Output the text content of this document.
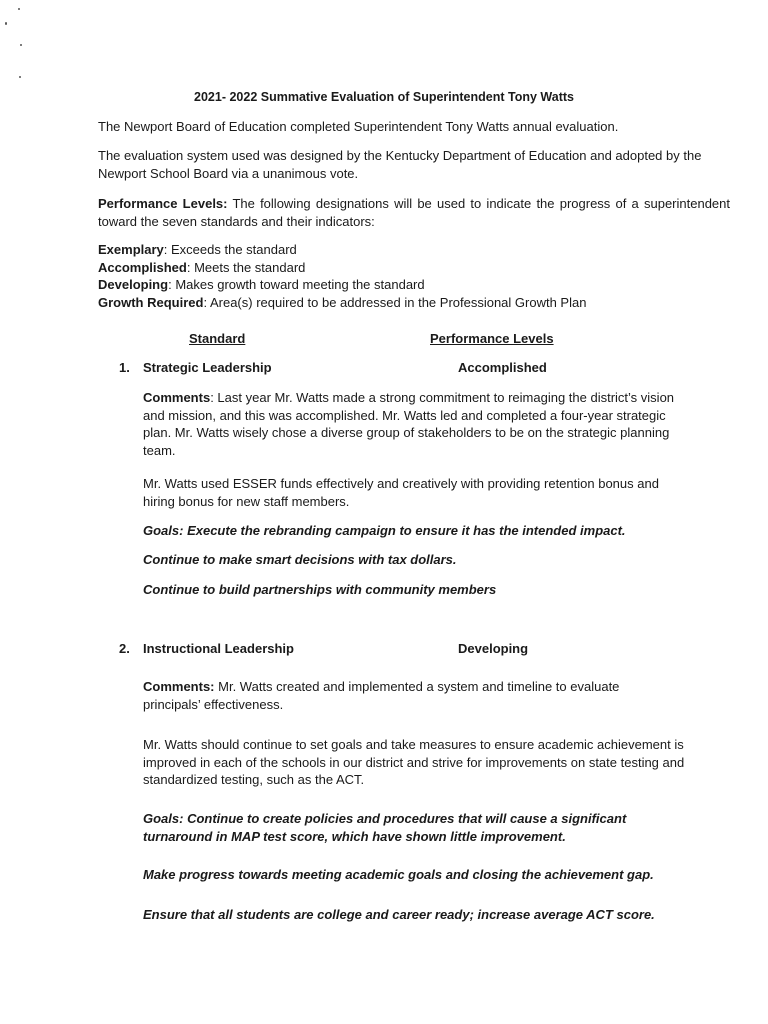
2021- 2022 Summative Evaluation of Superintendent Tony Watts

The Newport Board of Education completed Superintendent Tony Watts annual evaluation.

The evaluation system used was designed by the Kentucky Department of Education and adopted by the Newport School Board via a unanimous vote.

Performance Levels: The following designations will be used to indicate the progress of a superintendent toward the seven standards and their indicators:

Exemplary: Exceeds the standard
Accomplished: Meets the standard
Developing: Makes growth toward meeting the standard
Growth Required: Area(s) required to be addressed in the Professional Growth Plan
Standard	Performance Levels
1. Strategic Leadership	Accomplished

Comments: Last year Mr. Watts made a strong commitment to reimaging the district’s vision and mission, and this was accomplished. Mr. Watts led and completed a four-year strategic plan. Mr. Watts wisely chose a diverse group of stakeholders to be on the strategic planning team.

Mr. Watts used ESSER funds effectively and creatively with providing retention bonus and hiring bonus for new staff members.

Goals: Execute the rebranding campaign to ensure it has the intended impact.

Continue to make smart decisions with tax dollars.

Continue to build partnerships with community members

2. Instructional Leadership	Developing

Comments: Mr. Watts created and implemented a system and timeline to evaluate principals’ effectiveness.

Mr. Watts should continue to set goals and take measures to ensure academic achievement is improved in each of the schools in our district and strive for improvements on state testing and standardized testing, such as the ACT.

Goals: Continue to create policies and procedures that will cause a significant turnaround in MAP test score, which have shown little improvement.

Make progress towards meeting academic goals and closing the achievement gap.

Ensure that all students are college and career ready; increase average ACT score.
